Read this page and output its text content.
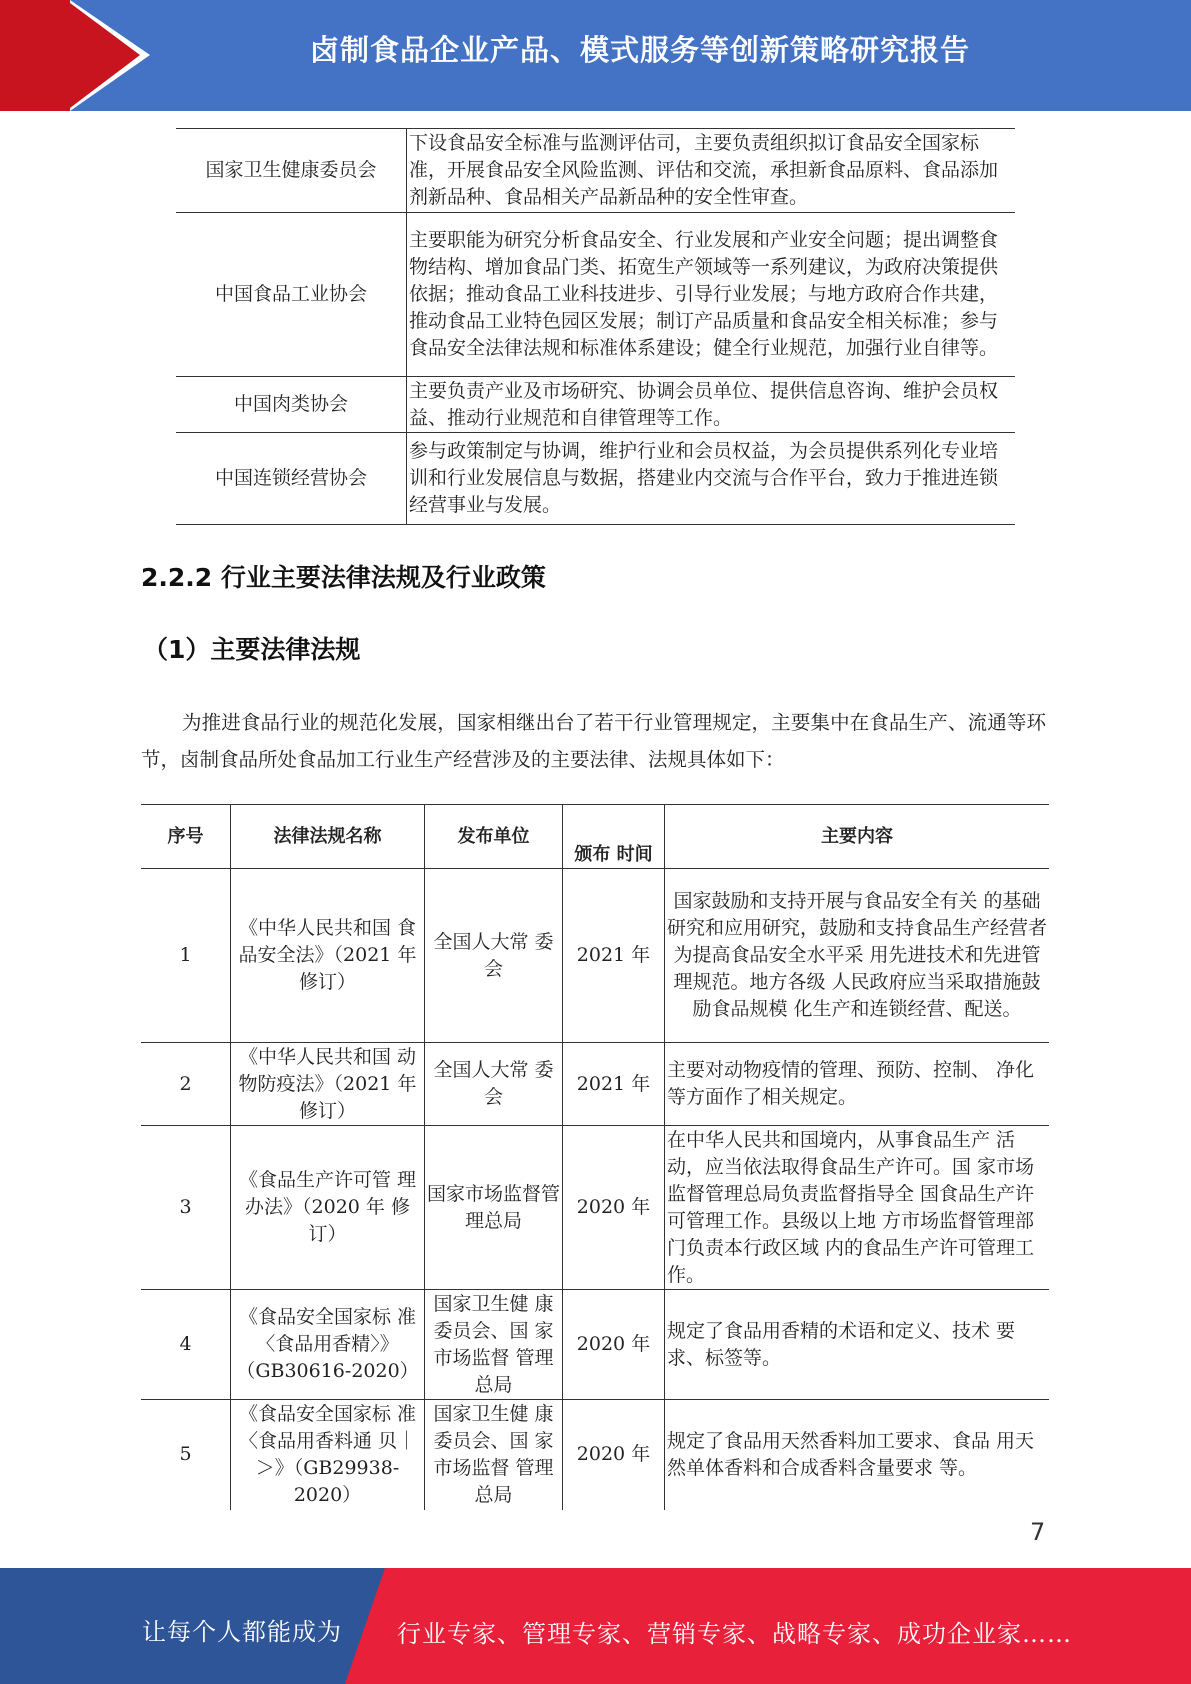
卤制食品企业产品、模式服务等创新策略研究报告
国家卫生健康委员会	下设食品安全标准与监测评估司，主要负责组织拟订食品安全国家标准，开展食品安全风险监测、评估和交流，承担新食品原料、食品添加剂新品种、食品相关产品新品种的安全性审查。
中国食品工业协会	主要职能为研究分析食品安全、行业发展和产业安全问题；提出调整食物结构、增加食品门类、拓宽生产领域等一系列建议，为政府决策提供依据；推动食品工业科技进步、引导行业发展；与地方政府合作共建，推动食品工业特色园区发展；制订产品质量和食品安全相关标准；参与食品安全法律法规和标准体系建设；健全行业规范，加强行业自律等。
中国肉类协会	主要负责产业及市场研究、协调会员单位、提供信息咨询、维护会员权益、推动行业规范和自律管理等工作。
中国连锁经营协会	参与政策制定与协调，维护行业和会员权益，为会员提供系列化专业培训和行业发展信息与数据，搭建业内交流与合作平台，致力于推进连锁经营事业与发展。
2.2.2 行业主要法律法规及行业政策
（1）主要法律法规
为推进食品行业的规范化发展，国家相继出台了若干行业管理规定，主要集中在食品生产、流通等环节，卤制食品所处食品加工行业生产经营涉及的主要法律、法规具体如下：
序号	法律法规名称	发布单位	颁布 时间	主要内容
1	《中华人民共和国 食品安全法》（2021 年修订）	全国人大常 委会	2021 年	国家鼓励和支持开展与食品安全有关 的基础研究和应用研究，鼓励和支持食品生产经营者为提高食品安全水平采 用先进技术和先进管理规范。地方各级 人民政府应当采取措施鼓励食品规模 化生产和连锁经营、配送。
2	《中华人民共和国 动物防疫法》（2021 年修订）	全国人大常 委会	2021 年	主要对动物疫情的管理、预防、控制、 净化等方面作了相关规定。
3	《食品生产许可管 理办法》（2020 年 修订）	国家市场监督管理总局	2020 年	在中华人民共和国境内，从事食品生产 活动，应当依法取得食品生产许可。国 家市场监督管理总局负责监督指导全 国食品生产许可管理工作。县级以上地 方市场监督管理部门负责本行政区域 内的食品生产许可管理工作。
4	《食品安全国家标 准〈食品用香精〉》（GB30616-2020）	国家卫生健 康委员会、国 家市场监督 管理总局	2020 年	规定了食品用香精的术语和定义、技术 要求、标签等。
5	《食品安全国家标 准〈食品用香料通 贝｜＞》（GB29938-2020）	国家卫生健 康委员会、国 家市场监督 管理总局	2020 年	规定了食品用天然香料加工要求、食品 用天然单体香料和合成香料含量要求 等。
7
让每个人都能成为 行业专家、管理专家、营销专家、战略专家、成功企业家……
